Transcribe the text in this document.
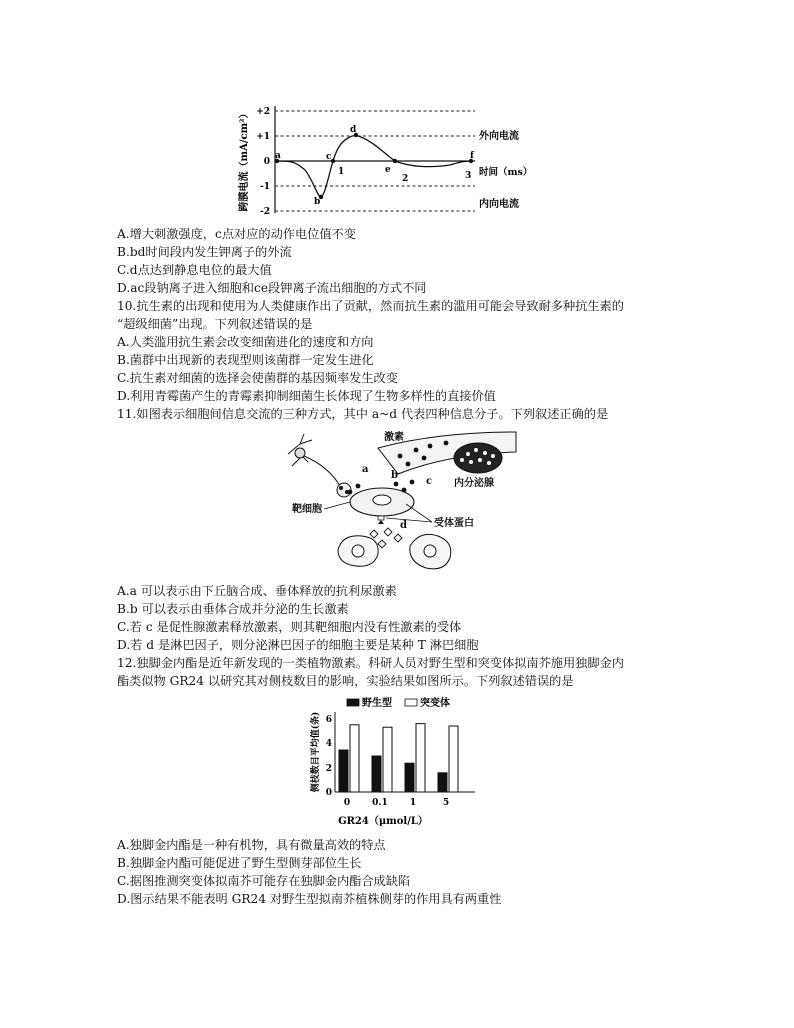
跨膜电流（mA/cm²） +2
+1
0
-1
-2
a
b
c
d
e
f
1
2	3 时间（ms）
外向电流
内向电流
A.增大刺激强度，c点对应的动作电位值不变
B.bd时间段内发生钾离子的外流
C.d点达到静息电位的最大值
D.ac段钠离子进入细胞和ce段钾离子流出细胞的方式不同
10.抗生素的出现和使用为人类健康作出了贡献，然而抗生素的滥用可能会导致耐多种抗生素的
“超级细菌”出现。下列叙述错误的是
A.人类滥用抗生素会改变细菌进化的速度和方向
B.菌群中出现新的表现型则该菌群一定发生进化
C.抗生素对细菌的选择会使菌群的基因频率发生改变
D.利用青霉菌产生的青霉素抑制细菌生长体现了生物多样性的直接价值
11.如图表示细胞间信息交流的三种方式，其中 a~d 代表四种信息分子。下列叙述正确的是
a
b
c
d
激素
内分泌腺
靶细胞
受体蛋白
A.a 可以表示由下丘脑合成、垂体释放的抗利尿激素
B.b 可以表示由垂体合成并分泌的生长激素
C.若 c 是促性腺激素释放激素，则其靶细胞内没有性激素的受体
D.若 d 是淋巴因子，则分泌淋巴因子的细胞主要是某种 T 淋巴细胞
12.独脚金内酯是近年新发现的一类植物激素。科研人员对野生型和突变体拟南芥施用独脚金内
酯类似物 GR24 以研究其对侧枝数目的影响，实验结果如图所示。下列叙述错误的是
侧枝数目平均值(条)
野生型	突变体
0
2
4
6
0 0.1 1	5
GR24（μmol/L）
A.独脚金内酯是一种有机物，具有微量高效的特点
B.独脚金内酯可能促进了野生型侧芽部位生长
C.据图推测突变体拟南芥可能存在独脚金内酯合成缺陷
D.图示结果不能表明 GR24 对野生型拟南芥植株侧芽的作用具有两重性
